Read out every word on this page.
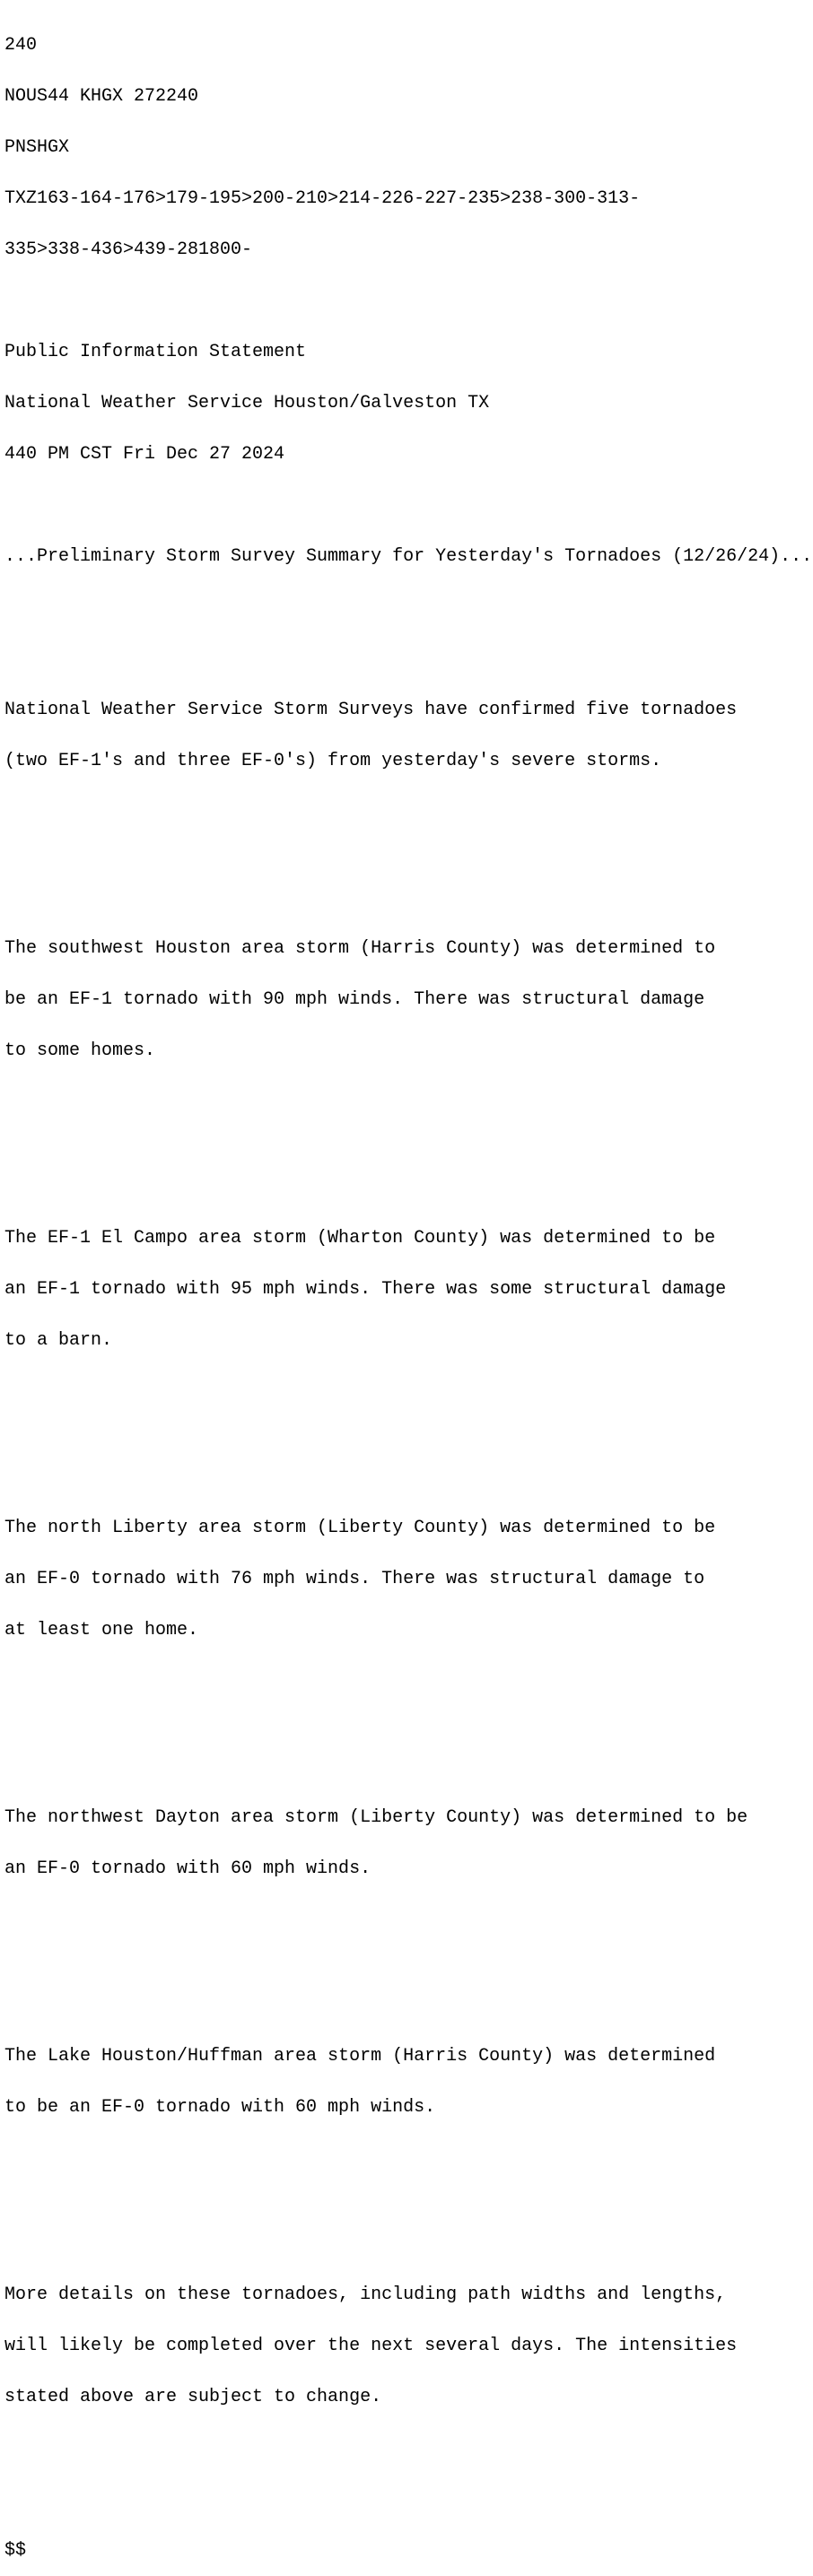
240

NOUS44 KHGX 272240

PNSHGX

TXZ163-164-176>179-195>200-210>214-226-227-235>238-300-313-

335>338-436>439-281800-

Public Information Statement

National Weather Service Houston/Galveston TX

440 PM CST Fri Dec 27 2024

...Preliminary Storm Survey Summary for Yesterday's Tornadoes (12/26/24)...

National Weather Service Storm Surveys have confirmed five tornadoes

(two EF-1's and three EF-0's) from yesterday's severe storms.

The southwest Houston area storm (Harris County) was determined to

be an EF-1 tornado with 90 mph winds. There was structural damage

to some homes.

The EF-1 El Campo area storm (Wharton County) was determined to be

an EF-1 tornado with 95 mph winds. There was some structural damage

to a barn.

The north Liberty area storm (Liberty County) was determined to be

an EF-0 tornado with 76 mph winds. There was structural damage to

at least one home.

The northwest Dayton area storm (Liberty County) was determined to be

an EF-0 tornado with 60 mph winds.

The Lake Houston/Huffman area storm (Harris County) was determined

to be an EF-0 tornado with 60 mph winds.

More details on these tornadoes, including path widths and lengths,

will likely be completed over the next several days. The intensities

stated above are subject to change.

$$
